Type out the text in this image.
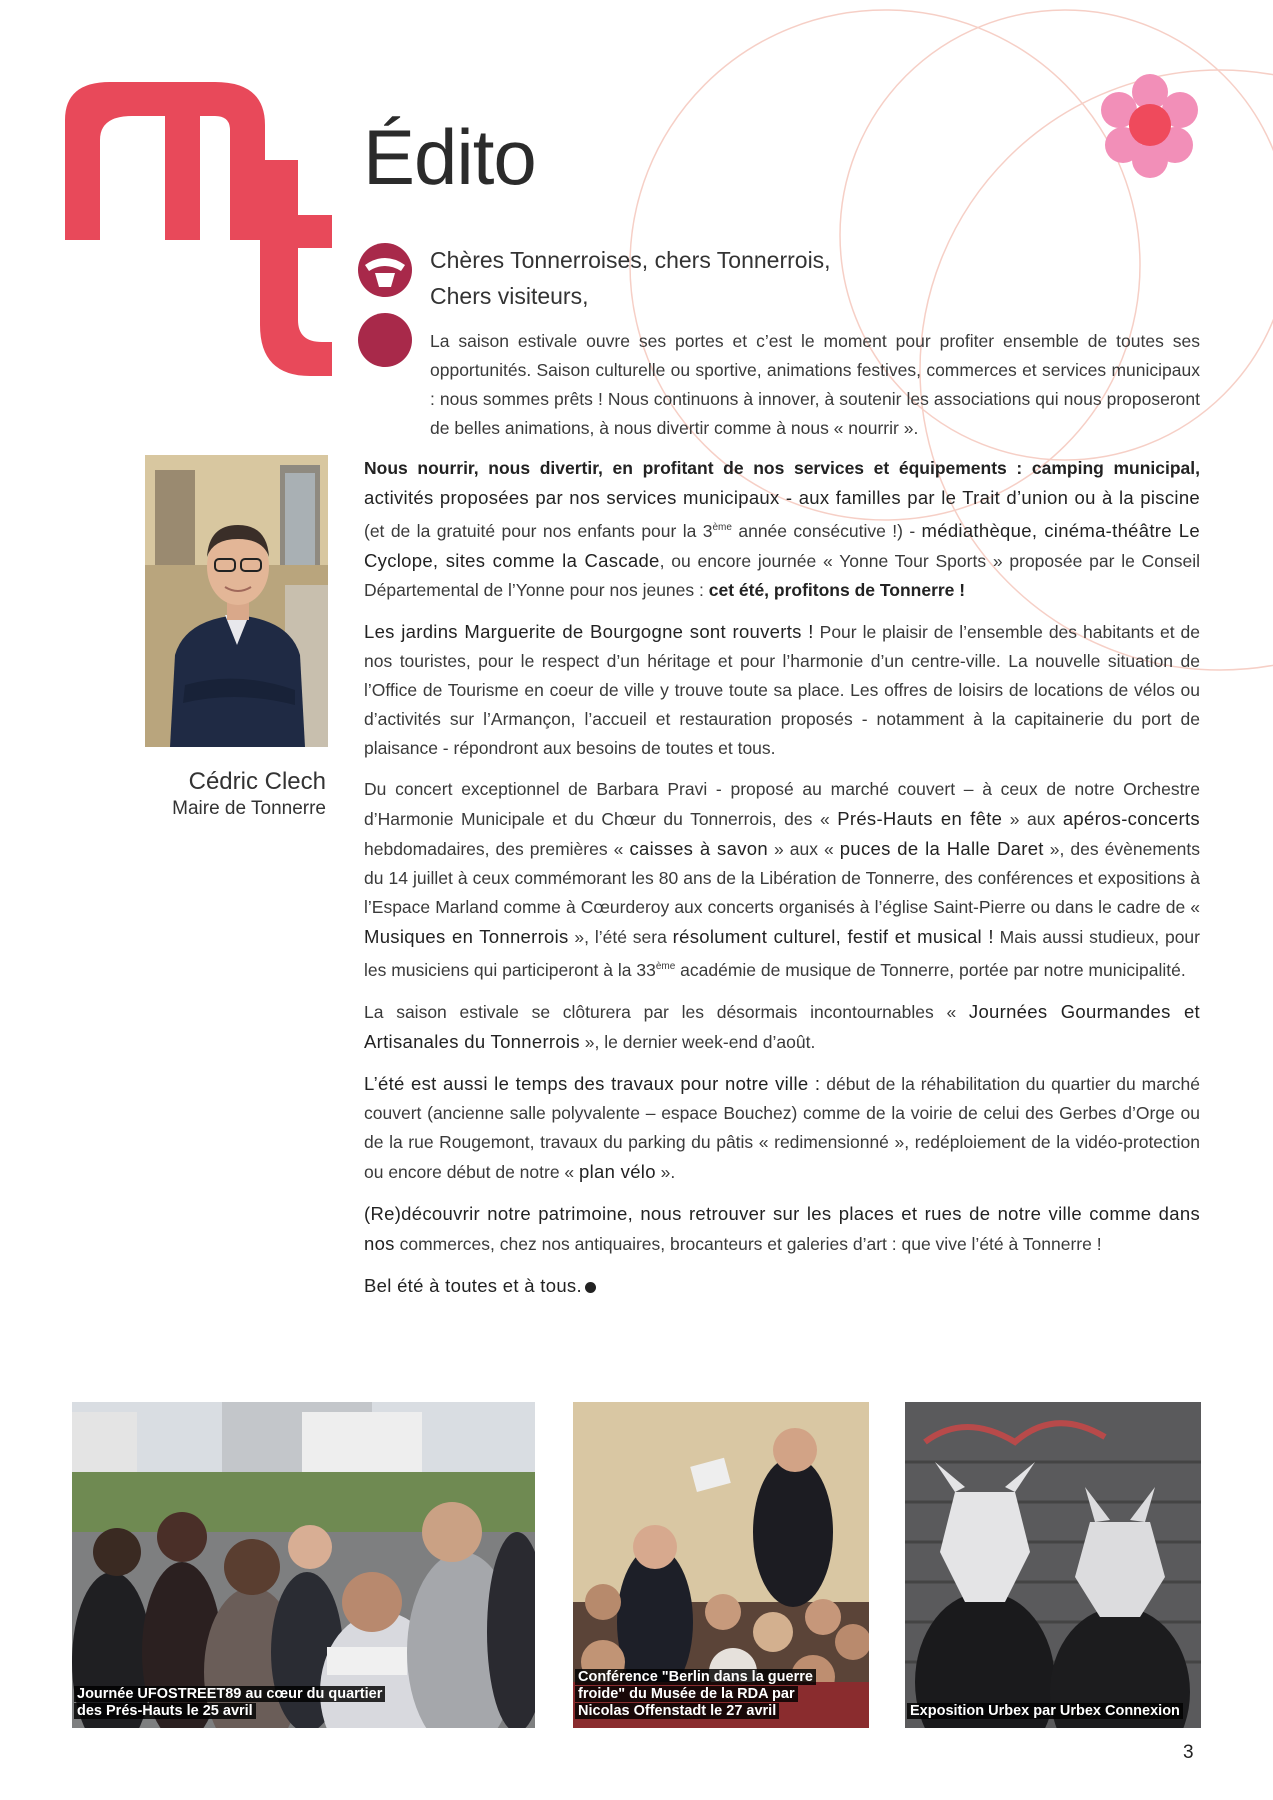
Édito
Chères Tonnerroises, chers Tonnerrois,
Chers visiteurs,

La saison estivale ouvre ses portes et c’est le moment pour profiter ensemble de toutes ses opportunités. Saison culturelle ou sportive, animations festives, commerces et services municipaux : nous sommes prêts ! Nous continuons à innover, à soutenir les associations qui nous proposeront de belles animations, à nous divertir comme à nous « nourrir ».

Cédric Clech
Maire de Tonnerre

Nous nourrir, nous divertir, en profitant de nos services et équipements : camping municipal, activités proposées par nos services municipaux - aux familles par le Trait d’union ou à la piscine (et de la gratuité pour nos enfants pour la 3ème année consécutive !) - médiathèque, cinéma-théâtre Le Cyclope, sites comme la Cascade, ou encore journée « Yonne Tour Sports » proposée par le Conseil Départemental de l’Yonne pour nos jeunes : cet été, profitons de Tonnerre !

Les jardins Marguerite de Bourgogne sont rouverts ! Pour le plaisir de l’ensemble des habitants et de nos touristes, pour le respect d’un héritage et pour l’harmonie d’un centre-ville. La nouvelle situation de l’Office de Tourisme en coeur de ville y trouve toute sa place. Les offres de loisirs de locations de vélos ou d’activités sur l’Armançon, l’accueil et restauration proposés - notamment à la capitainerie du port de plaisance - répondront aux besoins de toutes et tous.

Du concert exceptionnel de Barbara Pravi - proposé au marché couvert – à ceux de notre Orchestre d’Harmonie Municipale et du Chœur du Tonnerrois, des « Prés-Hauts en fête » aux apéros-concerts hebdomadaires, des premières « caisses à savon » aux « puces de la Halle Daret », des évènements du 14 juillet à ceux commémorant les 80 ans de la Libération de Tonnerre, des conférences et expositions à l’Espace Marland comme à Cœurderoy aux concerts organisés à l’église Saint-Pierre ou dans le cadre de « Musiques en Tonnerrois », l’été sera résolument culturel, festif et musical ! Mais aussi studieux, pour les musiciens qui participeront à la 33ème académie de musique de Tonnerre, portée par notre municipalité.

La saison estivale se clôturera par les désormais incontournables « Journées Gourmandes et Artisanales du Tonnerrois », le dernier week-end d’août.

L’été est aussi le temps des travaux pour notre ville : début de la réhabilitation du quartier du marché couvert (ancienne salle polyvalente – espace Bouchez) comme de la voirie de celui des Gerbes d’Orge ou de la rue Rougemont, travaux du parking du pâtis « redimensionné », redéploiement de la vidéo-protection ou encore début de notre « plan vélo ».

(Re)découvrir notre patrimoine, nous retrouver sur les places et rues de notre ville comme dans nos commerces, chez nos antiquaires, brocanteurs et galeries d’art : que vive l’été à Tonnerre !

Bel été à toutes et à tous.

Journée UFOSTREET89 au cœur du quartier
des Prés-Hauts le 25 avril
Conférence "Berlin dans la guerre
froide" du Musée de la RDA par
Nicolas Offenstadt le 27 avril	Exposition Urbex par Urbex Connexion
3
